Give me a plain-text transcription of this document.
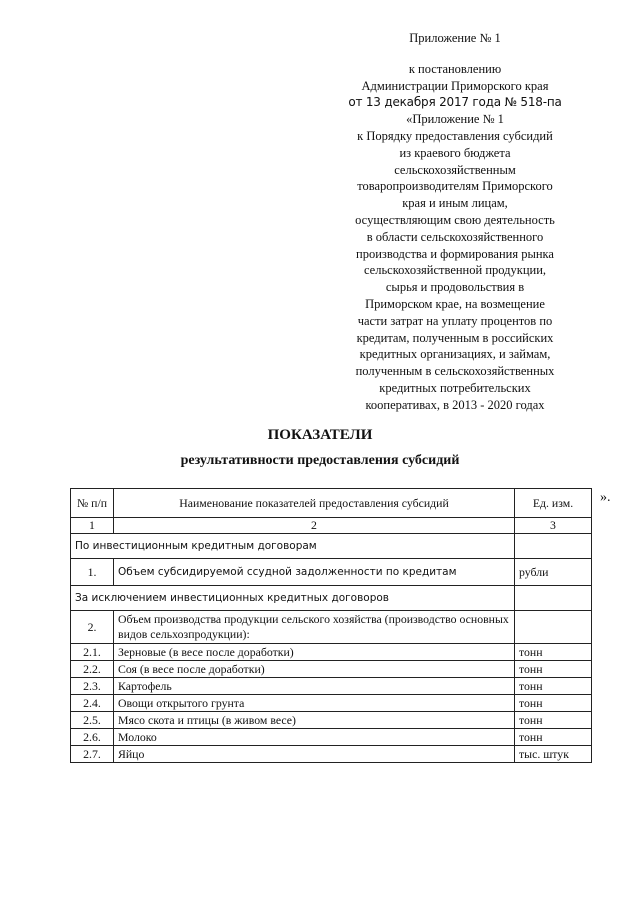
Приложение № 1
к постановлению
Администрации Приморского края
от 13 декабря 2017 года № 518-па
«Приложение № 1
к Порядку предоставления субсидий
из краевого бюджета
сельскохозяйственным
товаропроизводителям Приморского
края и иным лицам,
осуществляющим свою деятельность
в области сельскохозяйственного
производства и формирования рынка
сельскохозяйственной продукции,
сырья и продовольствия в
Приморском крае, на возмещение
части затрат на уплату процентов по
кредитам, полученным в российских
кредитных организациях, и займам,
полученным в сельскохозяйственных
кредитных потребительских
кооперативах, в 2013 - 2020 годах
ПОКАЗАТЕЛИ
результативности предоставления субсидий
».
№ п/п	Наименование показателей предоставления субсидий	Ед. изм.
1	2	3
По инвестиционным кредитным договорам		
1.	Объем субсидируемой ссудной задолженности по кредитам	рубли
За исключением инвестиционных кредитных договоров		
2.	Объем производства продукции сельского хозяйства (производство основных видов сельхозпродукции):	
2.1.	Зерновые (в весе после доработки)	тонн
2.2.	Соя (в весе после доработки)	тонн
2.3.	Картофель	тонн
2.4.	Овощи открытого грунта	тонн
2.5.	Мясо скота и птицы (в живом весе)	тонн
2.6.	Молоко	тонн
2.7.	Яйцо	тыс. штук
